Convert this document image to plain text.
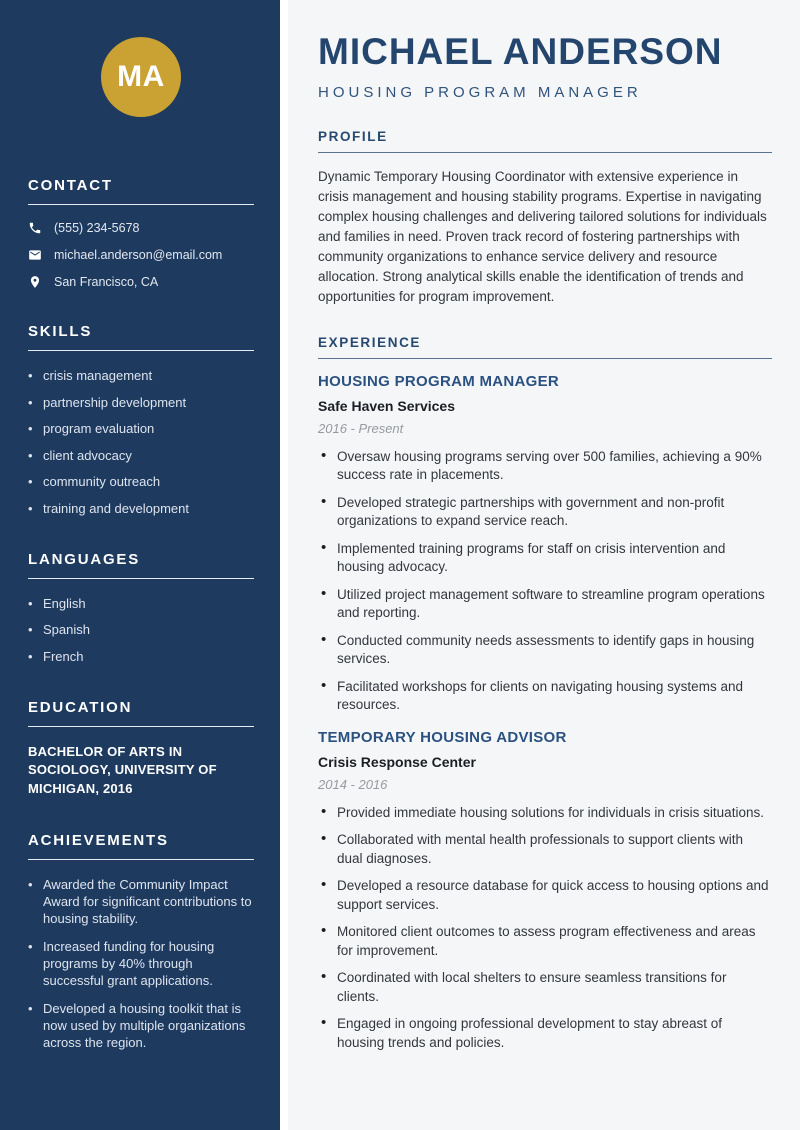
MA
CONTACT
(555) 234-5678
michael.anderson@email.com
San Francisco, CA
SKILLS
• crisis management
• partnership development
• program evaluation
• client advocacy
• community outreach
• training and development
LANGUAGES
• English
• Spanish
• French
EDUCATION
BACHELOR OF ARTS IN SOCIOLOGY, UNIVERSITY OF MICHIGAN, 2016
ACHIEVEMENTS
• Awarded the Community Impact Award for significant contributions to housing stability.
• Increased funding for housing programs by 40% through successful grant applications.
• Developed a housing toolkit that is now used by multiple organizations across the region.
MICHAEL ANDERSON
HOUSING PROGRAM MANAGER
PROFILE

Dynamic Temporary Housing Coordinator with extensive experience in crisis management and housing stability programs. Expertise in navigating complex housing challenges and delivering tailored solutions for individuals and families in need. Proven track record of fostering partnerships with community organizations to enhance service delivery and resource allocation. Strong analytical skills enable the identification of trends and opportunities for program improvement.

EXPERIENCE
HOUSING PROGRAM MANAGER
Safe Haven Services
2016 - Present
• Oversaw housing programs serving over 500 families, achieving a 90% success rate in placements.
• Developed strategic partnerships with government and non-profit organizations to expand service reach.
• Implemented training programs for staff on crisis intervention and housing advocacy.
• Utilized project management software to streamline program operations and reporting.
• Conducted community needs assessments to identify gaps in housing services.
• Facilitated workshops for clients on navigating housing systems and resources.
TEMPORARY HOUSING ADVISOR
Crisis Response Center
2014 - 2016
• Provided immediate housing solutions for individuals in crisis situations.
• Collaborated with mental health professionals to support clients with dual diagnoses.
• Developed a resource database for quick access to housing options and support services.
• Monitored client outcomes to assess program effectiveness and areas for improvement.
• Coordinated with local shelters to ensure seamless transitions for clients.
• Engaged in ongoing professional development to stay abreast of housing trends and policies.
